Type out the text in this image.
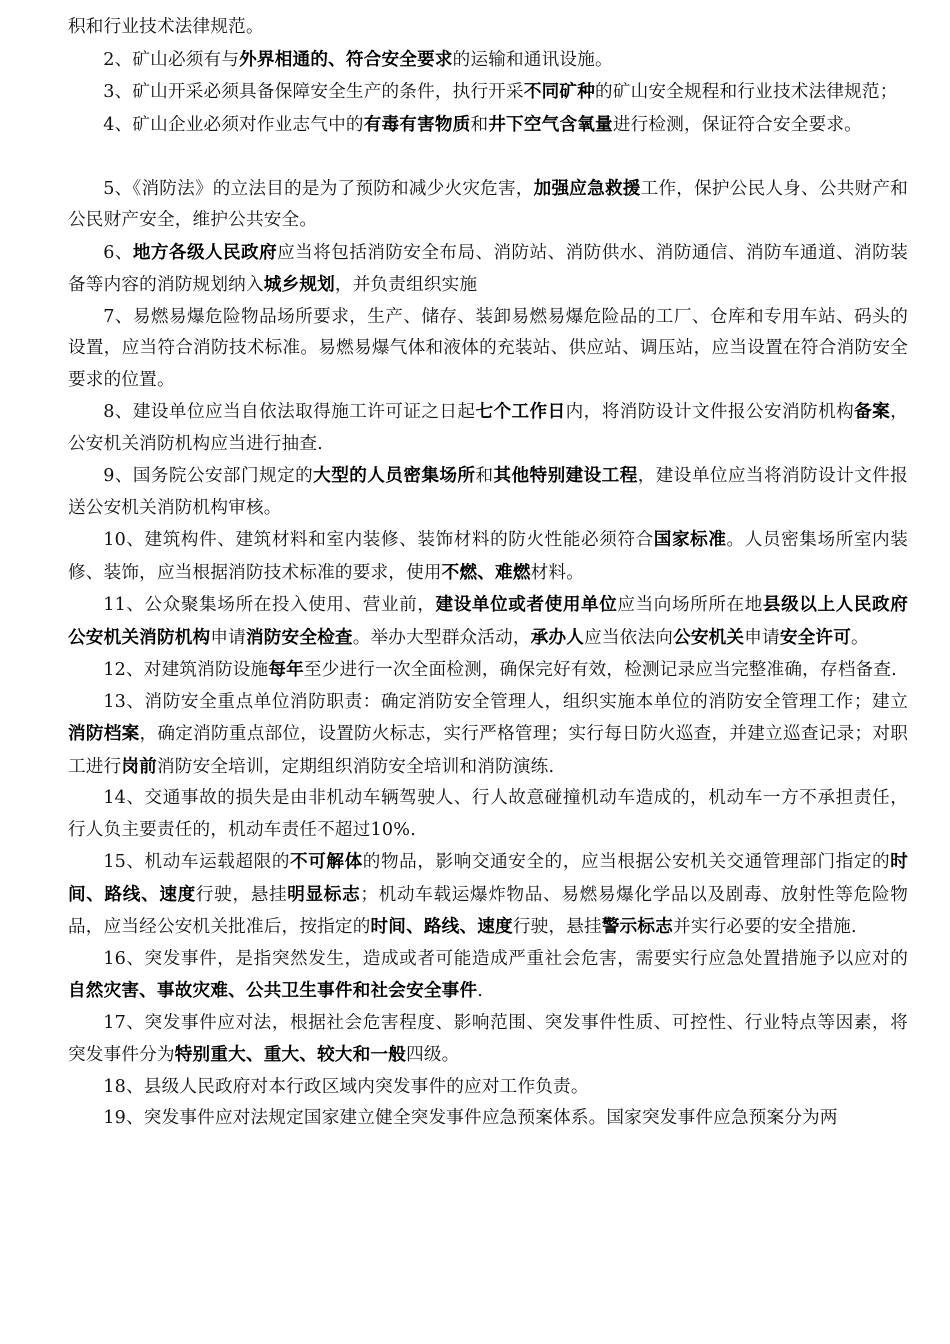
积和行业技术法律规范。

2、矿山必须有与外界相通的、符合安全要求的运输和通讯设施。

3、矿山开采必须具备保障安全生产的条件，执行开采不同矿种的矿山安全规程和行业技术法律规范；

4、矿山企业必须对作业志气中的有毒有害物质和井下空气含氧量进行检测，保证符合安全要求。

5、《消防法》的立法目的是为了预防和减少火灾危害，加强应急救援工作，保护公民人身、公共财产和公民财产安全，维护公共安全。

6、地方各级人民政府应当将包括消防安全布局、消防站、消防供水、消防通信、消防车通道、消防装备等内容的消防规划纳入城乡规划，并负责组织实施

7、易燃易爆危险物品场所要求，生产、储存、装卸易燃易爆危险品的工厂、仓库和专用车站、码头的设置，应当符合消防技术标准。易燃易爆气体和液体的充装站、供应站、调压站，应当设置在符合消防安全要求的位置。

8、建设单位应当自依法取得施工许可证之日起七个工作日内，将消防设计文件报公安消防机构备案，公安机关消防机构应当进行抽查.

9、国务院公安部门规定的大型的人员密集场所和其他特别建设工程，建设单位应当将消防设计文件报送公安机关消防机构审核。

10、建筑构件、建筑材料和室内装修、装饰材料的防火性能必须符合国家标准。人员密集场所室内装修、装饰，应当根据消防技术标准的要求，使用不燃、难燃材料。

11、公众聚集场所在投入使用、营业前，建设单位或者使用单位应当向场所所在地县级以上人民政府公安机关消防机构申请消防安全检查。举办大型群众活动，承办人应当依法向公安机关申请安全许可。

12、对建筑消防设施每年至少进行一次全面检测，确保完好有效，检测记录应当完整准确，存档备查.

13、消防安全重点单位消防职责：确定消防安全管理人，组织实施本单位的消防安全管理工作；建立消防档案，确定消防重点部位，设置防火标志，实行严格管理；实行每日防火巡查，并建立巡查记录；对职工进行岗前消防安全培训，定期组织消防安全培训和消防演练.

14、交通事故的损失是由非机动车辆驾驶人、行人故意碰撞机动车造成的，机动车一方不承担责任，行人负主要责任的，机动车责任不超过10%.

15、机动车运载超限的不可解体的物品，影响交通安全的，应当根据公安机关交通管理部门指定的时间、路线、速度行驶，悬挂明显标志；机动车载运爆炸物品、易燃易爆化学品以及剧毒、放射性等危险物品，应当经公安机关批准后，按指定的时间、路线、速度行驶，悬挂警示标志并实行必要的安全措施.

16、突发事件，是指突然发生，造成或者可能造成严重社会危害，需要实行应急处置措施予以应对的自然灾害、事故灾难、公共卫生事件和社会安全事件.

17、突发事件应对法，根据社会危害程度、影响范围、突发事件性质、可控性、行业特点等因素，将突发事件分为特别重大、重大、较大和一般四级。

18、县级人民政府对本行政区域内突发事件的应对工作负责。

19、突发事件应对法规定国家建立健全突发事件应急预案体系。国家突发事件应急预案分为两
